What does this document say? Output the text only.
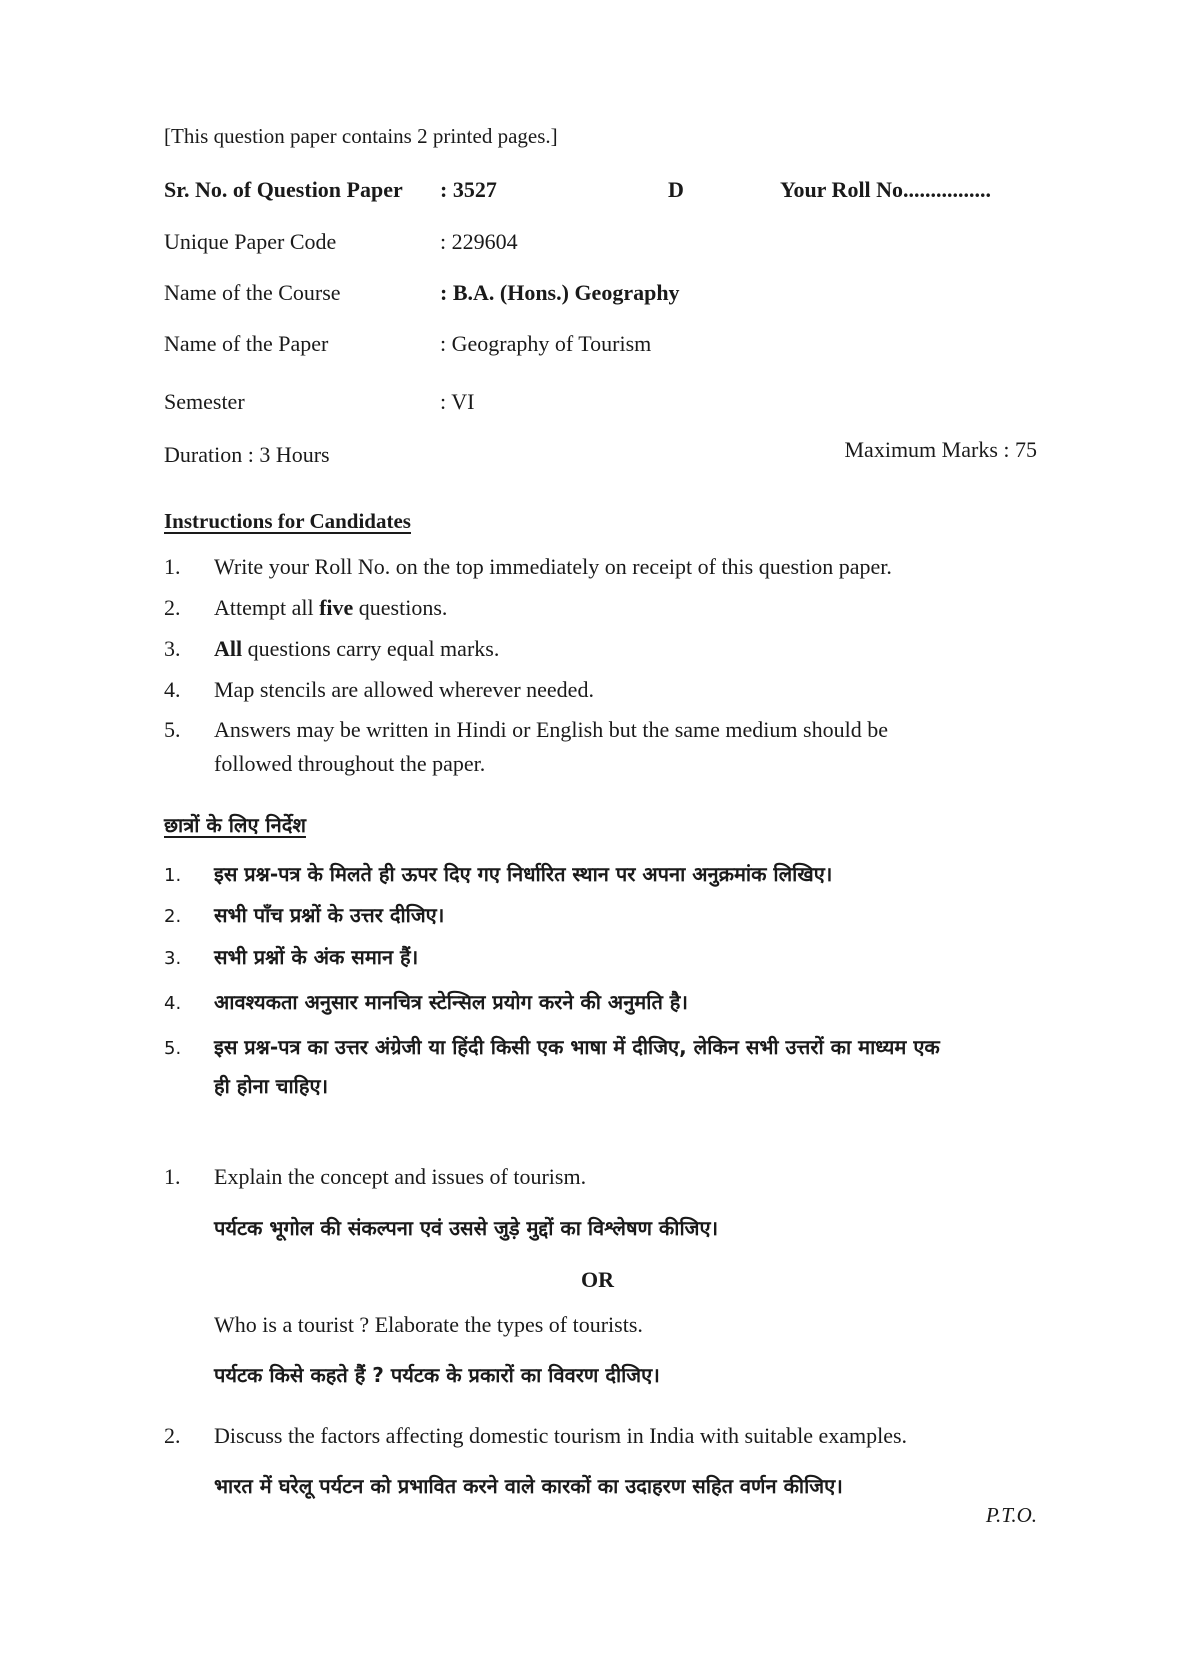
[This question paper contains 2 printed pages.]
Sr. No. of Question Paper : 3527	D	Your Roll No................
Unique Paper Code	: 229604
Name of the Course	: B.A. (Hons.) Geography
Name of the Paper	: Geography of Tourism
Semester	: VI
Duration : 3 Hours	Maximum Marks : 75
Instructions for Candidates
1. Write your Roll No. on the top immediately on receipt of this question paper.
2. Attempt all five questions.
3. All questions carry equal marks.
4. Map stencils are allowed wherever needed.
5. Answers may be written in Hindi or English but the same medium should be
followed throughout the paper.
छात्रों के लिए निर्देश
1. इस प्रश्न-पत्र के मिलते ही ऊपर दिए गए निर्धारित स्थान पर अपना अनुक्रमांक लिखिए।
2. सभी पाँच प्रश्नों के उत्तर दीजिए।
3. सभी प्रश्नों के अंक समान हैं।
4. आवश्यकता अनुसार मानचित्र स्टेन्सिल प्रयोग करने की अनुमति है।
5. इस प्रश्न-पत्र का उत्तर अंग्रेजी या हिंदी किसी एक भाषा में दीजिए, लेकिन सभी उत्तरों का माध्यम एक
ही होना चाहिए।
1. Explain the concept and issues of tourism.
पर्यटक भूगोल की संकल्पना एवं उससे जुड़े मुद्दों का विश्लेषण कीजिए।
OR
Who is a tourist ? Elaborate the types of tourists.
पर्यटक किसे कहते हैं ? पर्यटक के प्रकारों का विवरण दीजिए।
2. Discuss the factors affecting domestic tourism in India with suitable examples.
भारत में घरेलू पर्यटन को प्रभावित करने वाले कारकों का उदाहरण सहित वर्णन कीजिए।
P.T.O.
